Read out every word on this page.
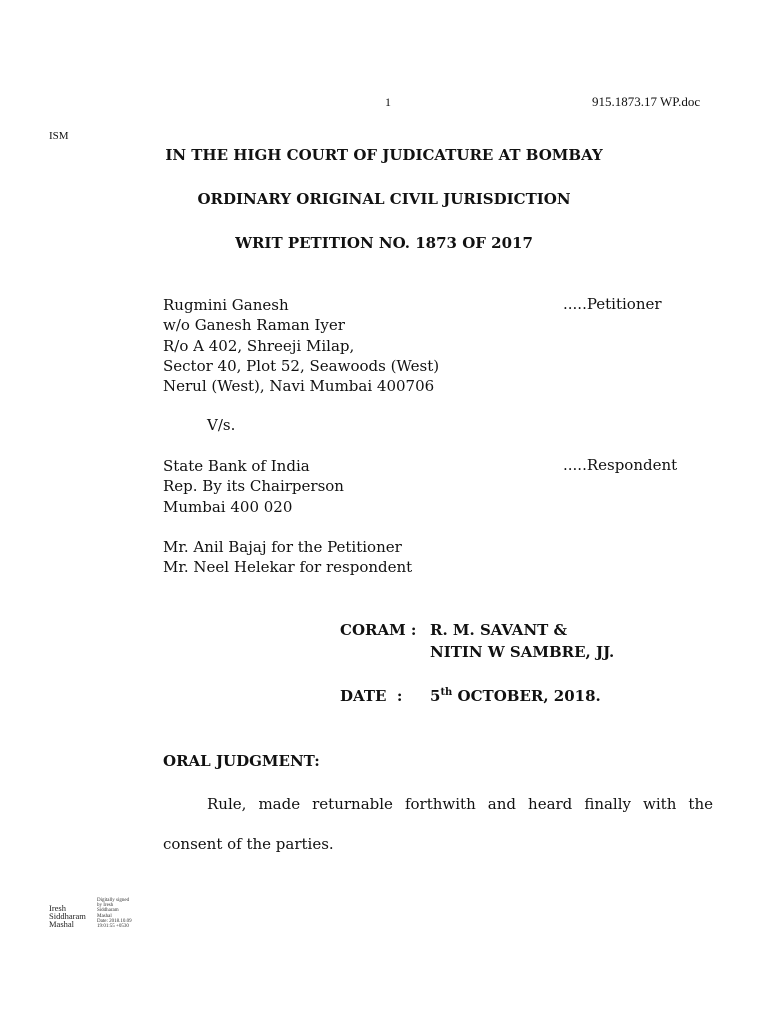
1	915.1873.17 WP.doc
ISM
IN THE HIGH COURT OF JUDICATURE AT BOMBAY
ORDINARY ORIGINAL CIVIL JURISDICTION
WRIT PETITION NO. 1873 OF 2017
Rugmini Ganesh
w/o Ganesh Raman Iyer
R/o A 402, Shreeji Milap,
Sector 40, Plot 52, Seawoods (West)
Nerul (West), Navi Mumbai 400706
.....Petitioner
V/s.
State Bank of India
Rep. By its Chairperson
Mumbai 400 020
.....Respondent
Mr. Anil Bajaj for the Petitioner
Mr. Neel Helekar for respondent
CORAM : R. M. SAVANT &
NITIN W SAMBRE, JJ.
DATE  : 5th OCTOBER, 2018.
ORAL JUDGMENT:
Rule, made returnable forthwith and heard finally with the
consent of the parties.
Iresh
Siddharam
Mashal
Digitally signed
by Iresh
Siddharam
Mashal
Date: 2018.10.09
19:01:55 +0530
